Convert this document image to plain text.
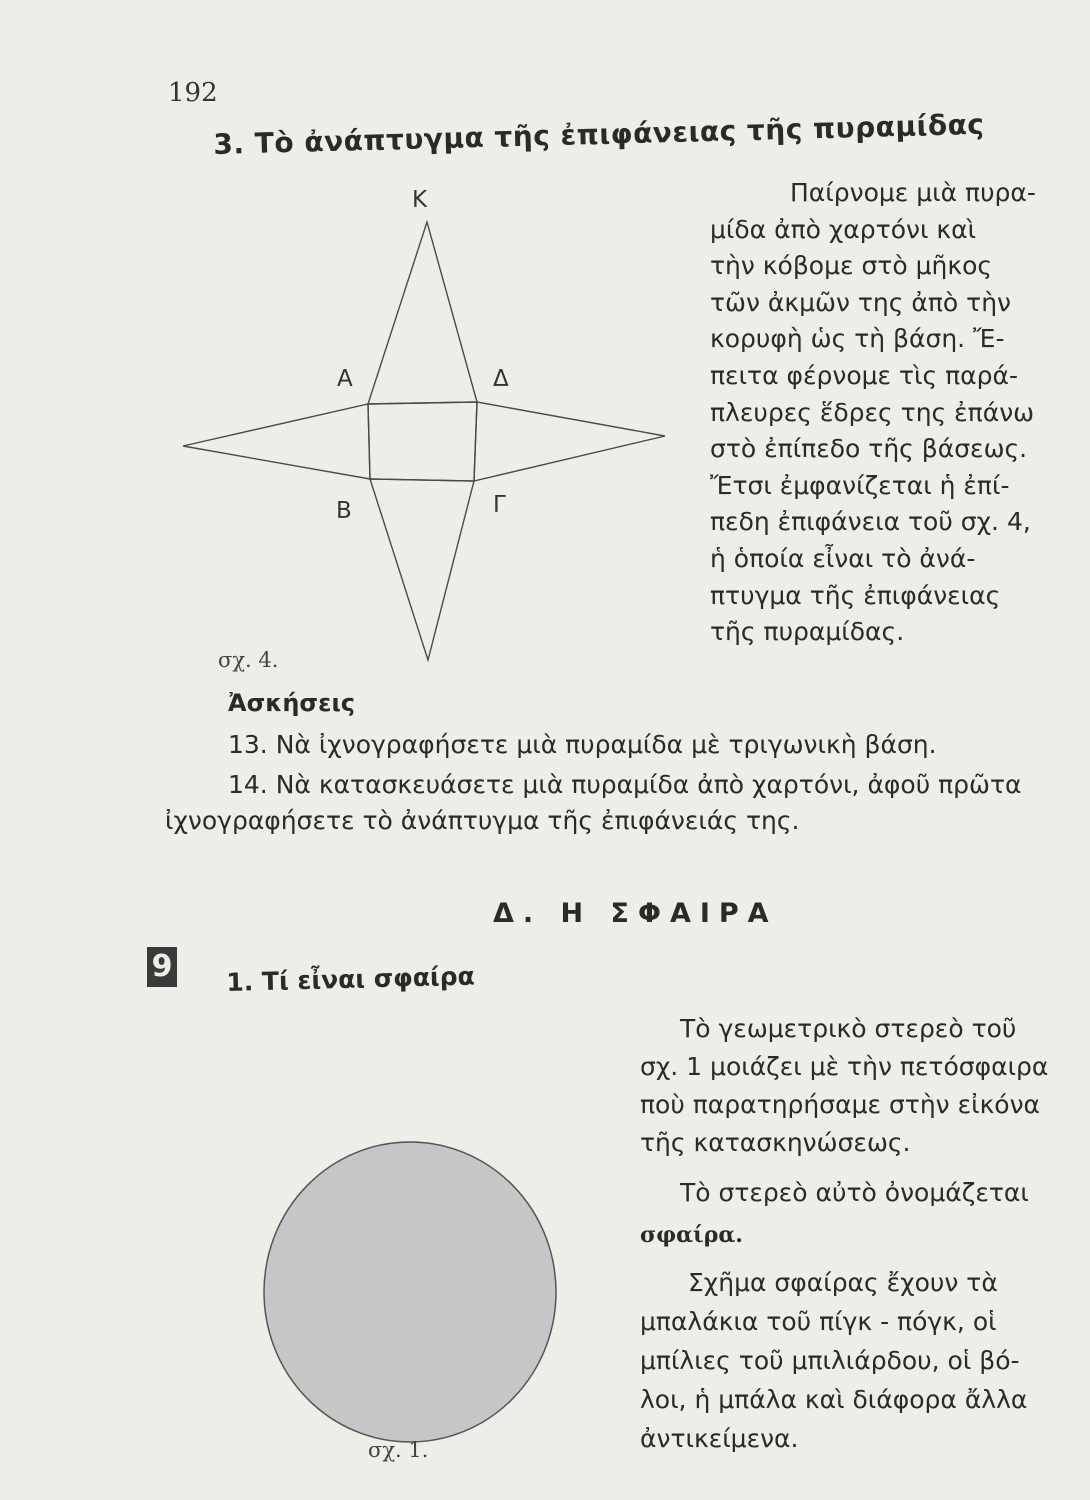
192
3. Τὸ ἀνάπτυγμα τῆς ἐπιφάνειας τῆς πυραμίδας
Κ
Α	Δ
Β	Γ
σχ. 4.
Παίρνομε μιὰ πυρα-
μίδα ἀπὸ χαρτόνι καὶ
τὴν κόβομε στὸ μῆκος
τῶν ἀκμῶν της ἀπὸ τὴν
κορυφὴ ὡς τὴ βάση. Ἔ-
πειτα φέρνομε τὶς παρά-
πλευρες ἕδρες της ἐπάνω
στὸ ἐπίπεδο τῆς βάσεως.
Ἔτσι ἐμφανίζεται ἡ ἐπί-
πεδη ἐπιφάνεια τοῦ σχ. 4,
ἡ ὁποία εἶναι τὸ ἀνά-
πτυγμα τῆς ἐπιφάνειας
τῆς πυραμίδας.
Ἀσκήσεις
13. Νὰ ἰχνογραφήσετε μιὰ πυραμίδα μὲ τριγωνικὴ βάση.
14. Νὰ κατασκευάσετε μιὰ πυραμίδα ἀπὸ χαρτόνι, ἀφοῦ πρῶτα
ἰχνογραφήσετε τὸ ἀνάπτυγμα τῆς ἐπιφάνειάς της.
Δ. Η ΣΦΑΙΡΑ
9 1. Τί εἶναι σφαίρα
Τὸ γεωμετρικὸ στερεὸ τοῦ
σχ. 1 μοιάζει μὲ τὴν πετόσφαιρα
ποὺ παρατηρήσαμε στὴν εἰκόνα
τῆς κατασκηνώσεως.
Τὸ στερεὸ αὐτὸ ὀνομάζεται
σφαίρα.
Σχῆμα σφαίρας ἔχουν τὰ
μπαλάκια τοῦ πίγκ - πόγκ, οἱ
μπίλιες τοῦ μπιλιάρδου, οἱ βό-
λοι, ἡ μπάλα καὶ διάφορα ἄλλα
ἀντικείμενα.
σχ. 1.
